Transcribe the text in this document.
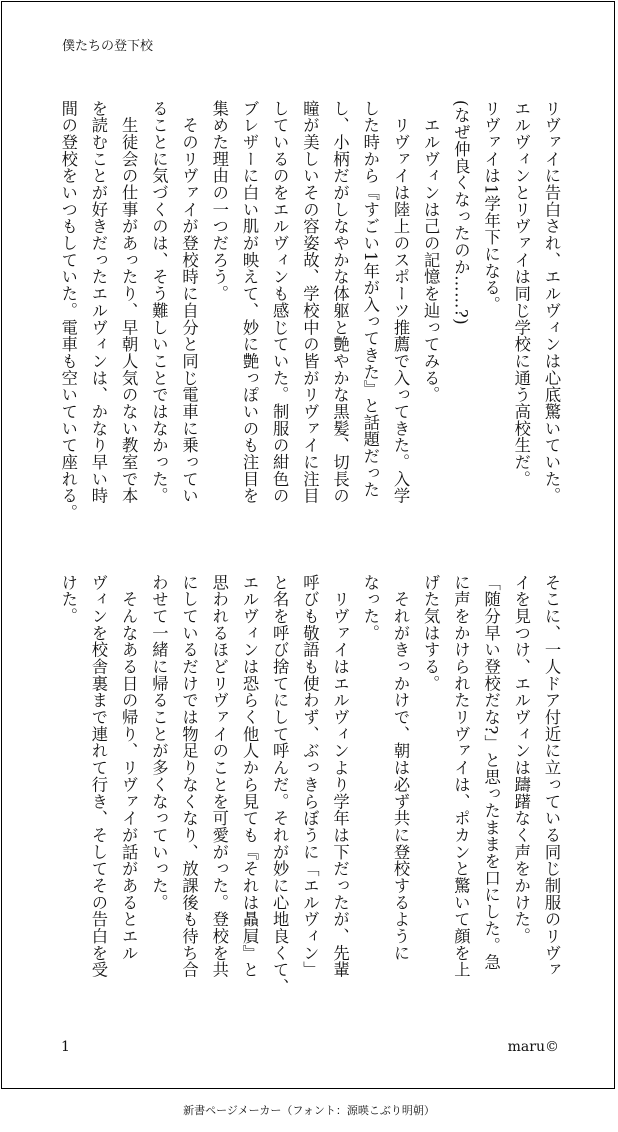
僕たちの登下校
リヴァイに告白され、エルヴィンは心底驚いていた。
エルヴィンとリヴァイは同じ学校に通う高校生だ。
リヴァイは1学年下になる。
(なぜ仲良くなったのか……?)
　エルヴィンは己の記憶を辿ってみる。
　リヴァイは陸上のスポーツ推薦で入ってきた。入学
した時から『すごい1年が入ってきた』と話題だった
し、小柄だがしなやかな体躯と艶やかな黒髪、切長の
瞳が美しいその容姿故、学校中の皆がリヴァイに注目
しているのをエルヴィンも感じていた。制服の紺色の
ブレザーに白い肌が映えて、妙に艶っぽいのも注目を
集めた理由の一つだろう。
　そのリヴァイが登校時に自分と同じ電車に乗ってい
ることに気づくのは、そう難しいことではなかった。
　生徒会の仕事があったり、早朝人気のない教室で本
を読むことが好きだったエルヴィンは、かなり早い時
間の登校をいつもしていた。電車も空いていて座れる。
そこに、一人ドア付近に立っている同じ制服のリヴァ
イを見つけ、エルヴィンは躊躇なく声をかけた。
「随分早い登校だな?」と思ったままを口にした。急
に声をかけられたリヴァイは、ポカンと驚いて顔を上
げた気はする。
　それがきっかけで、朝は必ず共に登校するように
なった。
　リヴァイはエルヴィンより学年は下だったが、先輩
呼びも敬語も使わず、ぶっきらぼうに「エルヴィン」
と名を呼び捨てにして呼んだ。それが妙に心地良くて、
エルヴィンは恐らく他人から見ても『それは贔屓』と
思われるほどリヴァイのことを可愛がった。登校を共
にしているだけでは物足りなくなり、放課後も待ち合
わせて一緒に帰ることが多くなっていった。
　そんなある日の帰り、リヴァイが話があるとエル
ヴィンを校舎裏まで連れて行き、そしてその告白を受
けた。
1	maru©
新書ページメーカー（フォント：源暎こぶり明朝）
